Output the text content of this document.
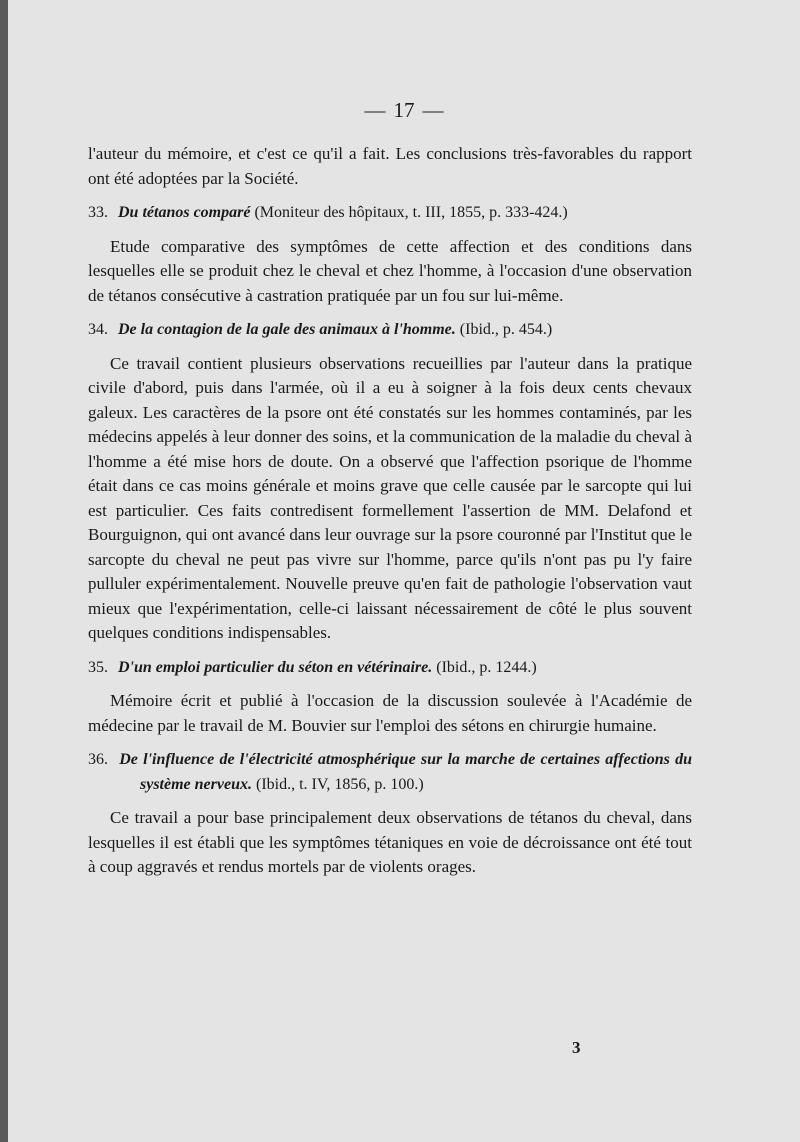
— 17 —

l'auteur du mémoire, et c'est ce qu'il a fait. Les conclusions très-favorables du rapport ont été adoptées par la Société.

33. Du tétanos comparé (Moniteur des hôpitaux, t. III, 1855, p. 333-424.)

Etude comparative des symptômes de cette affection et des conditions dans lesquelles elle se produit chez le cheval et chez l'homme, à l'occasion d'une observation de tétanos consécutive à castration pratiquée par un fou sur lui-même.

34. De la contagion de la gale des animaux à l'homme. (Ibid., p. 454.)

Ce travail contient plusieurs observations recueillies par l'auteur dans la pratique civile d'abord, puis dans l'armée, où il a eu à soigner à la fois deux cents chevaux galeux. Les caractères de la psore ont été constatés sur les hommes contaminés, par les médecins appelés à leur donner des soins, et la communication de la maladie du cheval à l'homme a été mise hors de doute. On a observé que l'affection psorique de l'homme était dans ce cas moins générale et moins grave que celle causée par le sarcopte qui lui est particulier. Ces faits contredisent formellement l'assertion de MM. Delafond et Bourguignon, qui ont avancé dans leur ouvrage sur la psore couronné par l'Institut que le sarcopte du cheval ne peut pas vivre sur l'homme, parce qu'ils n'ont pas pu l'y faire pulluler expérimentalement. Nouvelle preuve qu'en fait de pathologie l'observation vaut mieux que l'expérimentation, celle-ci laissant nécessairement de côté le plus souvent quelques conditions indispensables.

35. D'un emploi particulier du séton en vétérinaire. (Ibid., p. 1244.)

Mémoire écrit et publié à l'occasion de la discussion soulevée à l'Académie de médecine par le travail de M. Bouvier sur l'emploi des sétons en chirurgie humaine.

36. De l'influence de l'électricité atmosphérique sur la marche de certaines affections du système nerveux. (Ibid., t. IV, 1856, p. 100.)

Ce travail a pour base principalement deux observations de tétanos du cheval, dans lesquelles il est établi que les symptômes tétaniques en voie de décroissance ont été tout à coup aggravés et rendus mortels par de violents orages.

3
